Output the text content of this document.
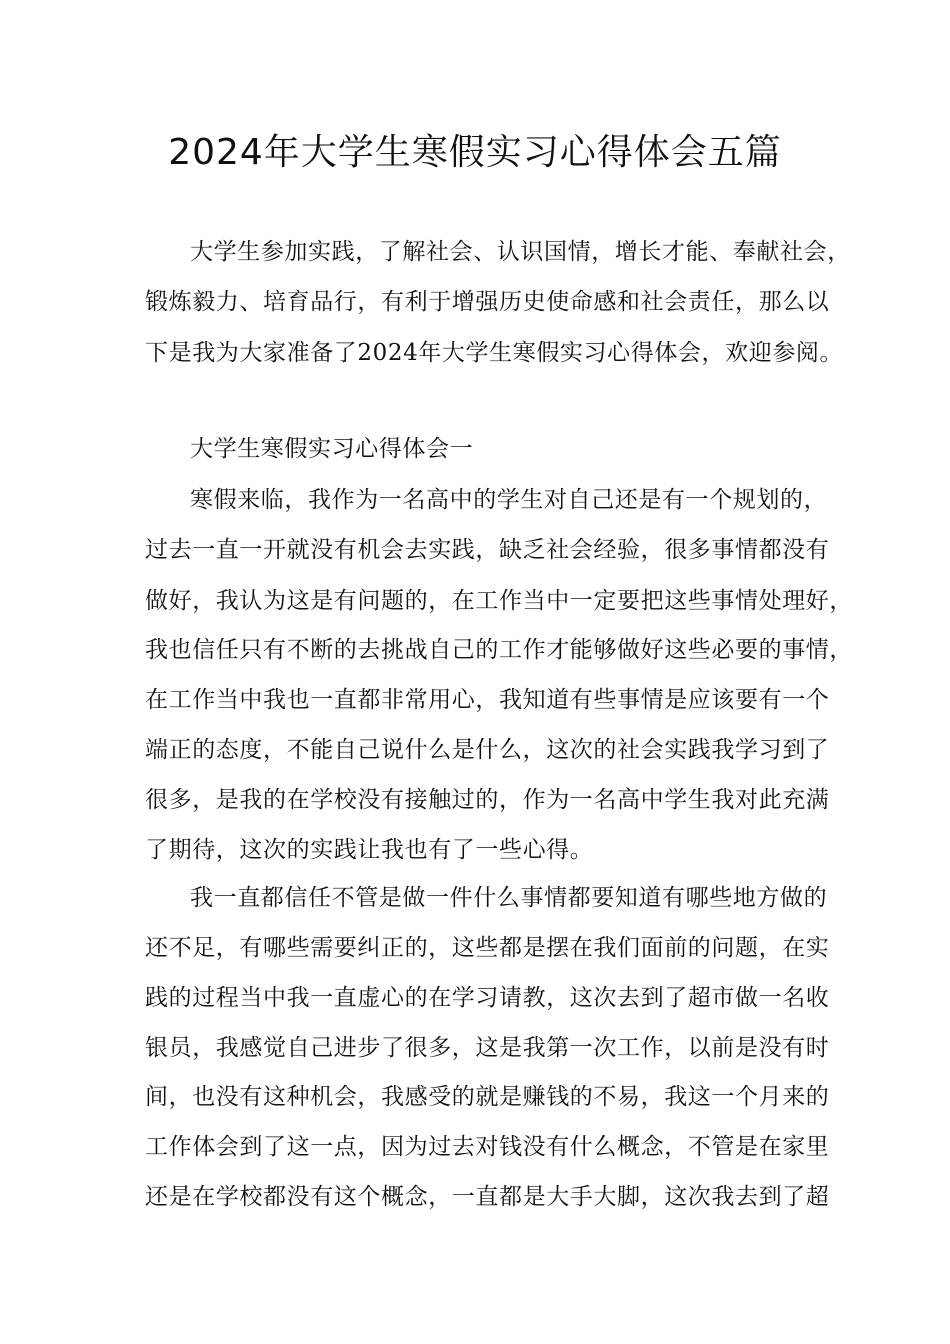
2024年大学生寒假实习心得体会五篇
大学生参加实践，了解社会、认识国情，增长才能、奉献社会，
锻炼毅力、培育品行，有利于增强历史使命感和社会责任，那么以
下是我为大家准备了2024年大学生寒假实习心得体会，欢迎参阅。
大学生寒假实习心得体会一
寒假来临，我作为一名高中的学生对自己还是有一个规划的，
过去一直一开就没有机会去实践，缺乏社会经验，很多事情都没有
做好，我认为这是有问题的，在工作当中一定要把这些事情处理好，
我也信任只有不断的去挑战自己的工作才能够做好这些必要的事情，
在工作当中我也一直都非常用心，我知道有些事情是应该要有一个
端正的态度，不能自己说什么是什么，这次的社会实践我学习到了
很多，是我的在学校没有接触过的，作为一名高中学生我对此充满
了期待，这次的实践让我也有了一些心得。
我一直都信任不管是做一件什么事情都要知道有哪些地方做的
还不足，有哪些需要纠正的，这些都是摆在我们面前的问题，在实
践的过程当中我一直虚心的在学习请教，这次去到了超市做一名收
银员，我感觉自己进步了很多，这是我第一次工作，以前是没有时
间，也没有这种机会，我感受的就是赚钱的不易，我这一个月来的
工作体会到了这一点，因为过去对钱没有什么概念，不管是在家里
还是在学校都没有这个概念，一直都是大手大脚，这次我去到了超
